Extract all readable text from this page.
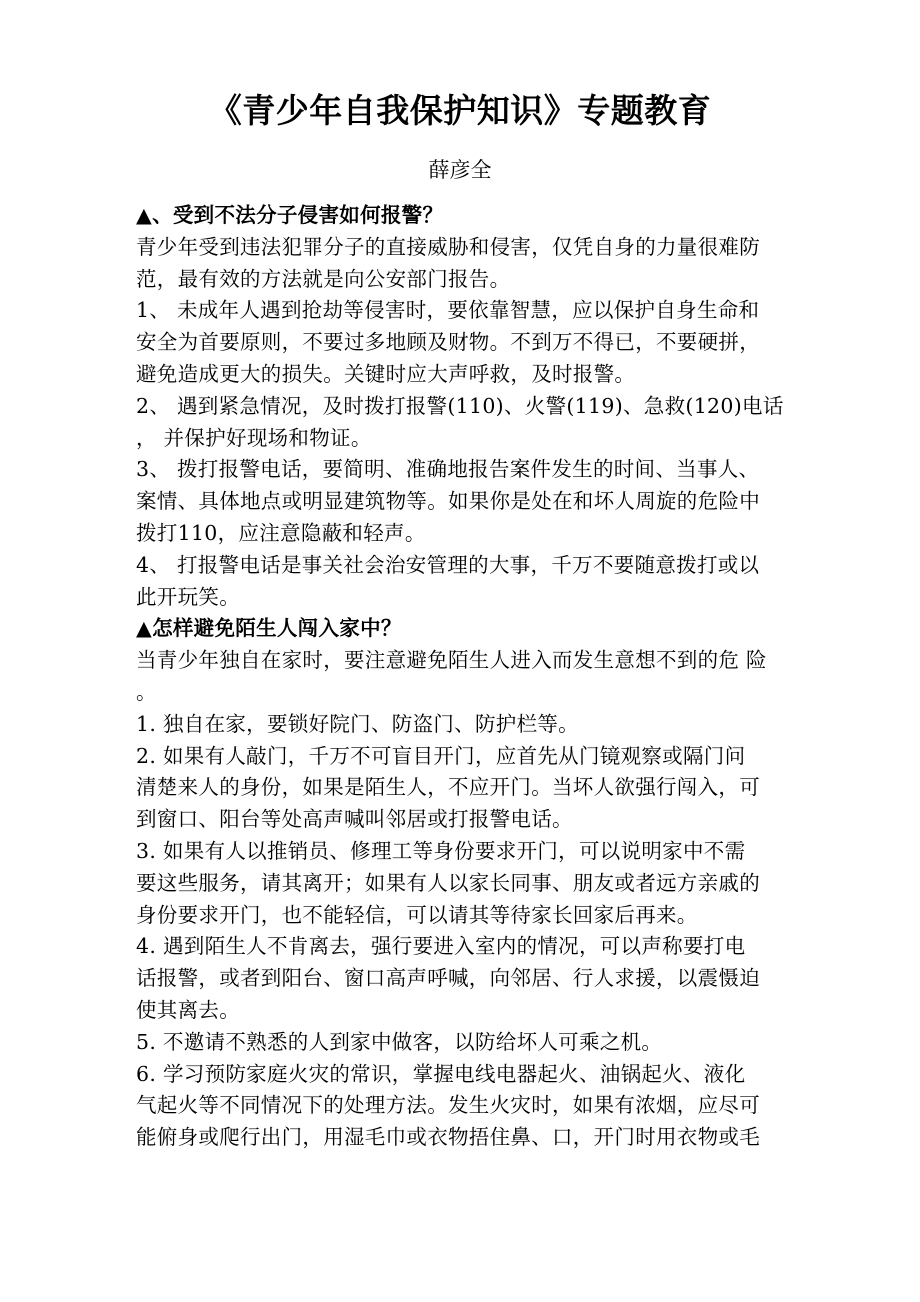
《青少年自我保护知识》专题教育
薛彦全
▲、受到不法分子侵害如何报警？
青少年受到违法犯罪分子的直接威胁和侵害，仅凭自身的力量很难防
范，最有效的方法就是向公安部门报告。
1、 未成年人遇到抢劫等侵害时，要依靠智慧，应以保护自身生命和
安全为首要原则，不要过多地顾及财物。不到万不得已，不要硬拼，
避免造成更大的损失。关键时应大声呼救，及时报警。
2、 遇到紧急情况，及时拨打报警(110)、火警(119)、急救(120)电话
， 并保护好现场和物证。
3、 拨打报警电话，要简明、准确地报告案件发生的时间、当事人、
案情、具体地点或明显建筑物等。如果你是处在和坏人周旋的危险中
拨打110，应注意隐蔽和轻声。
4、 打报警电话是事关社会治安管理的大事，千万不要随意拨打或以
此开玩笑。
▲怎样避免陌生人闯入家中？
当青少年独自在家时，要注意避免陌生人进入而发生意想不到的危 险
。
1. 独自在家，要锁好院门、防盗门、防护栏等。
2. 如果有人敲门，千万不可盲目开门，应首先从门镜观察或隔门问
清楚来人的身份，如果是陌生人，不应开门。当坏人欲强行闯入，可
到窗口、阳台等处高声喊叫邻居或打报警电话。
3. 如果有人以推销员、修理工等身份要求开门，可以说明家中不需
要这些服务，请其离开；如果有人以家长同事、朋友或者远方亲戚的
身份要求开门，也不能轻信，可以请其等待家长回家后再来。
4. 遇到陌生人不肯离去，强行要进入室内的情况，可以声称要打电
话报警，或者到阳台、窗口高声呼喊，向邻居、行人求援，以震慑迫
使其离去。
5. 不邀请不熟悉的人到家中做客，以防给坏人可乘之机。
6. 学习预防家庭火灾的常识，掌握电线电器起火、油锅起火、液化
气起火等不同情况下的处理方法。发生火灾时，如果有浓烟，应尽可
能俯身或爬行出门，用湿毛巾或衣物捂住鼻、口，开门时用衣物或毛
